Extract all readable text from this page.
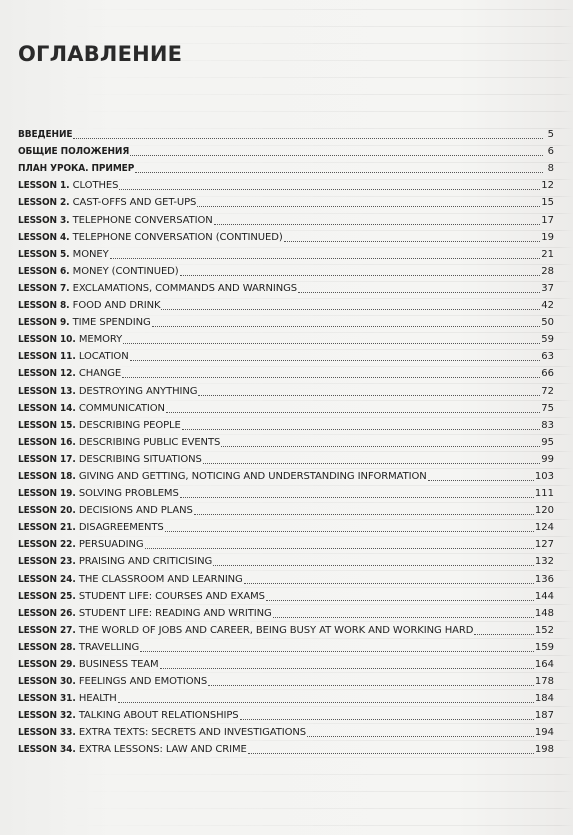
ОГЛАВЛЕНИЕ
ВВЕДЕНИЕ	5
ОБЩИЕ ПОЛОЖЕНИЯ	6
ПЛАН УРОКА. ПРИМЕР	8
LESSON 1. CLOTHES	12
LESSON 2. CAST-OFFS AND GET-UPS	15
LESSON 3. TELEPHONE CONVERSATION	17
LESSON 4. TELEPHONE CONVERSATION (CONTINUED)	19
LESSON 5. MONEY	21
LESSON 6. MONEY (CONTINUED)	28
LESSON 7. EXCLAMATIONS, COMMANDS AND WARNINGS	37
LESSON 8. FOOD AND DRINK	42
LESSON 9. TIME SPENDING	50
LESSON 10. MEMORY	59
LESSON 11. LOCATION	63
LESSON 12. CHANGE	66
LESSON 13. DESTROYING ANYTHING	72
LESSON 14. COMMUNICATION	75
LESSON 15. DESCRIBING PEOPLE	83
LESSON 16. DESCRIBING PUBLIC EVENTS	95
LESSON 17. DESCRIBING SITUATIONS	99
LESSON 18. GIVING AND GETTING, NOTICING AND UNDERSTANDING INFORMATION	103
LESSON 19. SOLVING PROBLEMS	111
LESSON 20. DECISIONS AND PLANS	120
LESSON 21. DISAGREEMENTS	124
LESSON 22. PERSUADING	127
LESSON 23. PRAISING AND CRITICISING	132
LESSON 24. THE CLASSROOM AND LEARNING	136
LESSON 25. STUDENT LIFE: COURSES AND EXAMS	144
LESSON 26. STUDENT LIFE: READING AND WRITING	148
LESSON 27. THE WORLD OF JOBS AND CAREER, BEING BUSY AT WORK AND WORKING HARD	152
LESSON 28. TRAVELLING	159
LESSON 29. BUSINESS TEAM	164
LESSON 30. FEELINGS AND EMOTIONS	178
LESSON 31. HEALTH	184
LESSON 32. TALKING ABOUT RELATIONSHIPS	187
LESSON 33. EXTRA TEXTS: SECRETS AND INVESTIGATIONS	194
LESSON 34. EXTRA LESSONS: LAW AND CRIME	198
